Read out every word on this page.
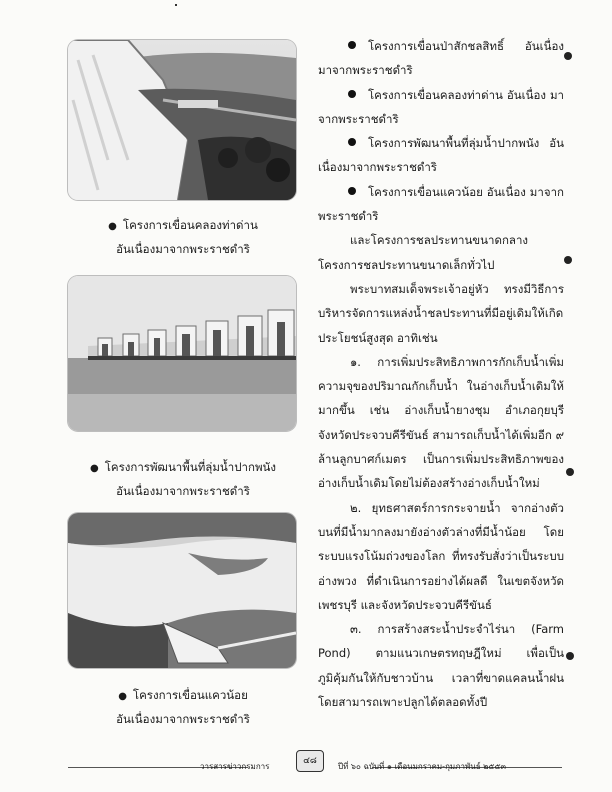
● โครงการเขื่อนคลองท่าด่าน
อันเนื่องมาจากพระราชดำริ
● โครงการพัฒนาพื้นที่ลุ่มน้ำปากพนัง
อันเนื่องมาจากพระราชดำริ
● โครงการเขื่อนแควน้อย
อันเนื่องมาจากพระราชดำริ

โครงการเขื่อนป่าสักชลสิทธิ์ อันเนื่อง มาจากพระราชดำริ

โครงการเขื่อนคลองท่าด่าน อันเนื่อง มาจากพระราชดำริ

โครงการพัฒนาพื้นที่ลุ่มน้ำปากพนัง อันเนื่องมาจากพระราชดำริ

โครงการเขื่อนแควน้อย อันเนื่อง มาจากพระราชดำริ

และโครงการชลประทานขนาดกลาง โครงการชลประทานขนาดเล็กทั่วไป

พระบาทสมเด็จพระเจ้าอยู่หัว ทรงมีวิธีการบริหารจัดการแหล่งน้ำชลประทานที่มีอยู่เดิมให้เกิดประโยชน์สูงสุด อาทิเช่น

๑. การเพิ่มประสิทธิภาพการกักเก็บน้ำเพิ่มความจุของปริมาณกักเก็บน้ำ ในอ่างเก็บน้ำเดิมให้มากขึ้น เช่น อ่างเก็บน้ำยางชุม อำเภอกุยบุรี จังหวัดประจวบคีรีขันธ์ สามารถเก็บน้ำได้เพิ่มอีก ๙ ล้านลูกบาศก์เมตร เป็นการเพิ่มประสิทธิภาพของอ่างเก็บน้ำเดิมโดยไม่ต้องสร้างอ่างเก็บน้ำใหม่

๒. ยุทธศาสตร์การกระจายน้ำ จากอ่างตัวบนที่มีน้ำมากลงมายังอ่างตัวล่างที่มีน้ำน้อย โดยระบบแรงโน้มถ่วงของโลก ที่ทรงรับสั่งว่าเป็นระบบอ่างพวง ที่ดำเนินการอย่างได้ผลดี ในเขตจังหวัดเพชรบุรี และจังหวัดประจวบคีรีขันธ์

๓. การสร้างสระน้ำประจำไร่นา (Farm Pond) ตามแนวเกษตรทฤษฎีใหม่ เพื่อเป็นภูมิคุ้มกันให้กับชาวบ้าน เวลาที่ขาดแคลนน้ำฝนโดยสามารถเพาะปลูกได้ตลอดทั้งปี

วารสารข่าวกรมการ
๔๘
ปีที่ ๖๐ ฉบับที่ ๑ เดือนมกราคม-กุมภาพันธ์ ๒๕๕๓
